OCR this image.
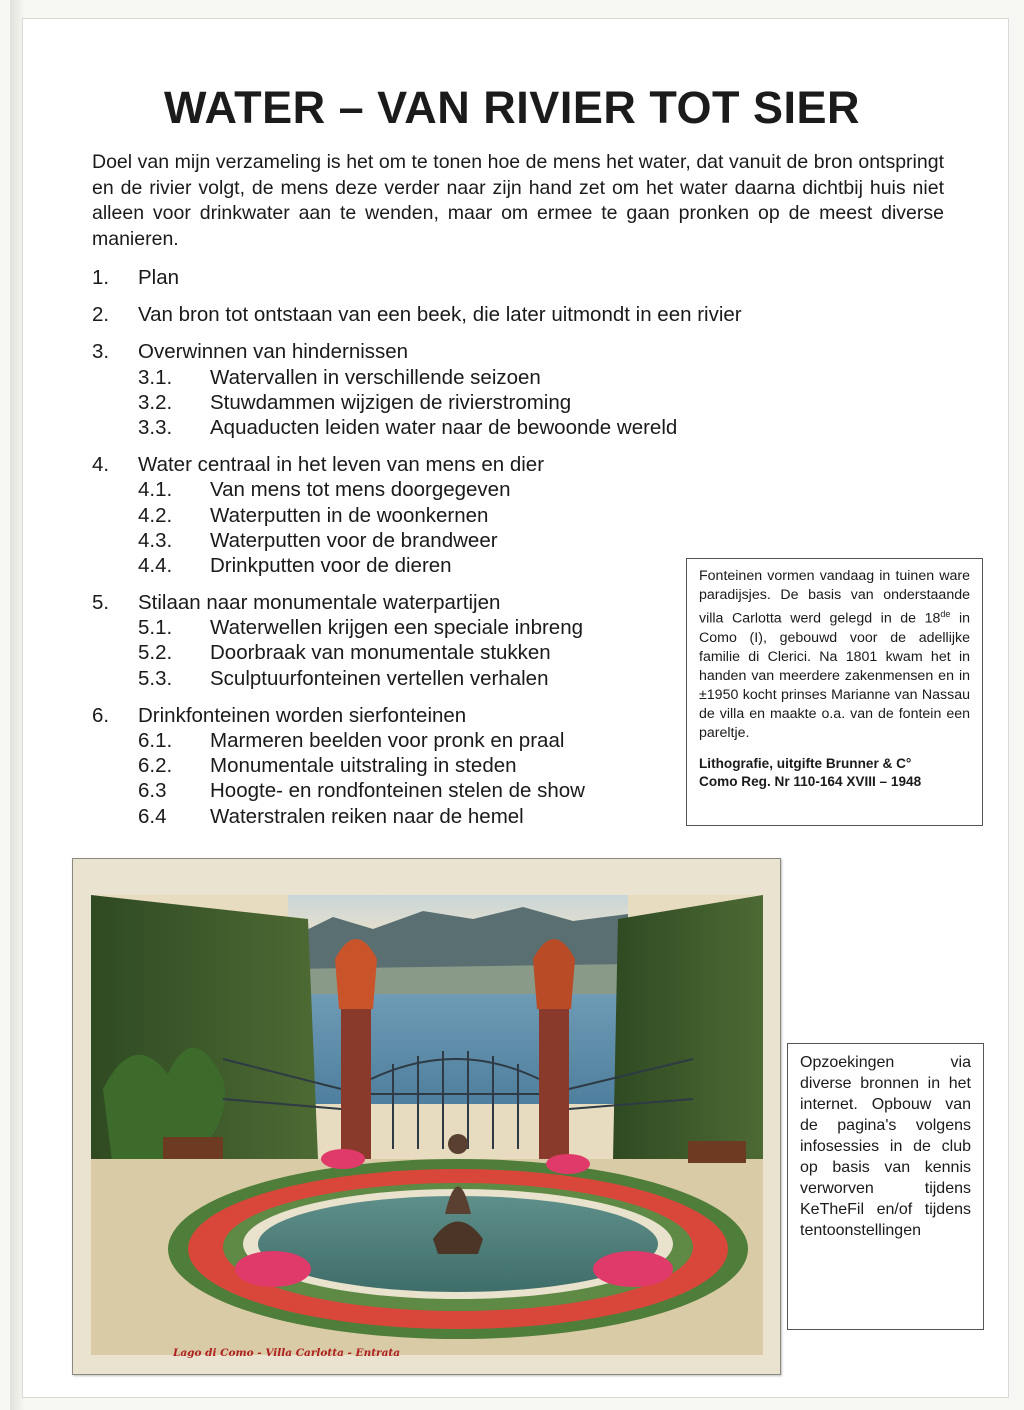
WATER – VAN RIVIER TOT SIER

Doel van mijn verzameling is het om te tonen hoe de mens het water, dat vanuit de bron ontspringt en de rivier volgt, de mens deze verder naar zijn hand zet om het water daarna dichtbij huis niet alleen voor drinkwater aan te wenden, maar om ermee te gaan pronken op de meest diverse manieren.

1.	Plan
2.	Van bron tot ontstaan van een beek, die later uitmondt in een rivier
3.	Overwinnen van hindernissen
3.1.	Watervallen in verschillende seizoen
3.2.	Stuwdammen wijzigen de rivierstroming
3.3.	Aquaducten leiden water naar de bewoonde wereld
4.	Water centraal in het leven van mens en dier
4.1.	Van mens tot mens doorgegeven
4.2.	Waterputten in de woonkernen
4.3.	Waterputten voor de brandweer
4.4.	Drinkputten voor de dieren
5.	Stilaan naar monumentale waterpartijen
5.1.	Waterwellen krijgen een speciale inbreng
5.2.	Doorbraak van monumentale stukken
5.3.	Sculptuurfonteinen vertellen verhalen
6.	Drinkfonteinen worden sierfonteinen
6.1.	Marmeren beelden voor pronk en praal
6.2.	Monumentale uitstraling in steden
6.3	Hoogte- en rondfonteinen stelen de show
6.4	Waterstralen reiken naar de hemel

Fonteinen vormen vandaag in tuinen ware paradijsjes. De basis van onderstaande villa Carlotta werd gelegd in de 18de in Como (I), gebouwd voor de adellijke familie di Clerici. Na 1801 kwam het in handen van meerdere zakenmensen en in ±1950 kocht prinses Marianne van Nassau de villa en maakte o.a. van de fontein een pareltje.

Lithografie, uitgifte Brunner & C°
Como Reg. Nr 110-164 XVIII – 1948

Opzoekingen via diverse bronnen in het internet. Opbouw van de pagina's volgens infosessies in de club op basis van kennis verworven tijdens KeTheFil en/of tijdens tentoonstellingen

Lago di Como - Villa Carlotta - Entrata
